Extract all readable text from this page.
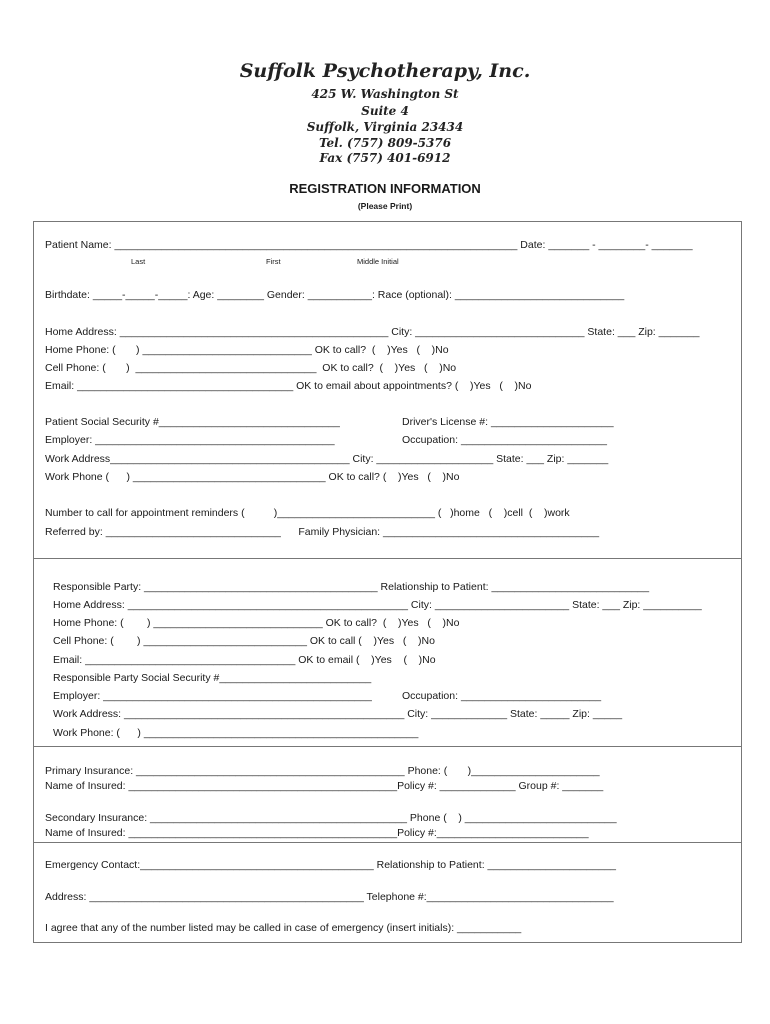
Suffolk Psychotherapy, Inc.
425 W. Washington St
Suite 4
Suffolk, Virginia 23434
Tel. (757) 809-5376
Fax (757) 401-6912
REGISTRATION INFORMATION
(Please Print)
Patient Name: _____________________________________________________________________ Date: _______ - ________- _______
Last	First	Middle Initial
Birthdate: _____-_____-_____: Age: ________ Gender: ___________: Race (optional): _____________________________
Home Address: ______________________________________________ City: _____________________________ State: ___ Zip: _______
Home Phone: (       ) _____________________________ OK to call?  (    )Yes   (    )No
Cell Phone: (       )  _______________________________  OK to call?  (    )Yes   (    )No
Email: _____________________________________ OK to email about appointments? (    )Yes   (    )No
Patient Social Security #_______________________________	Driver's License #: _____________________
Employer: _________________________________________	Occupation: _________________________
Work Address_________________________________________ City: ____________________ State: ___ Zip: _______
Work Phone (      ) _________________________________ OK to call? (    )Yes   (    )No
Number to call for appointment reminders (          )___________________________ (   )home   (    )cell  (    )work
Referred by: ______________________________      Family Physician: _____________________________________
Responsible Party: ________________________________________ Relationship to Patient: ___________________________
Home Address: ________________________________________________ City: _______________________ State: ___ Zip: __________
Home Phone: (        ) _____________________________ OK to call?  (    )Yes   (    )No
Cell Phone: (        ) ____________________________ OK to call (    )Yes   (    )No
Email: ____________________________________ OK to email (    )Yes    (    )No
Responsible Party Social Security #__________________________
Employer: ______________________________________________	Occupation: ________________________
Work Address: ________________________________________________ City: _____________ State: _____ Zip: _____
Work Phone: (      ) _______________________________________________
Primary Insurance: ______________________________________________ Phone: (       )______________________
Name of Insured: ______________________________________________Policy #: _____________ Group #: _______
Secondary Insurance: ____________________________________________ Phone (    ) __________________________
Name of Insured: ______________________________________________Policy #:__________________________
Emergency Contact:________________________________________ Relationship to Patient: ______________________
Address: _______________________________________________ Telephone #:________________________________
I agree that any of the number listed may be called in case of emergency (insert initials): ___________
